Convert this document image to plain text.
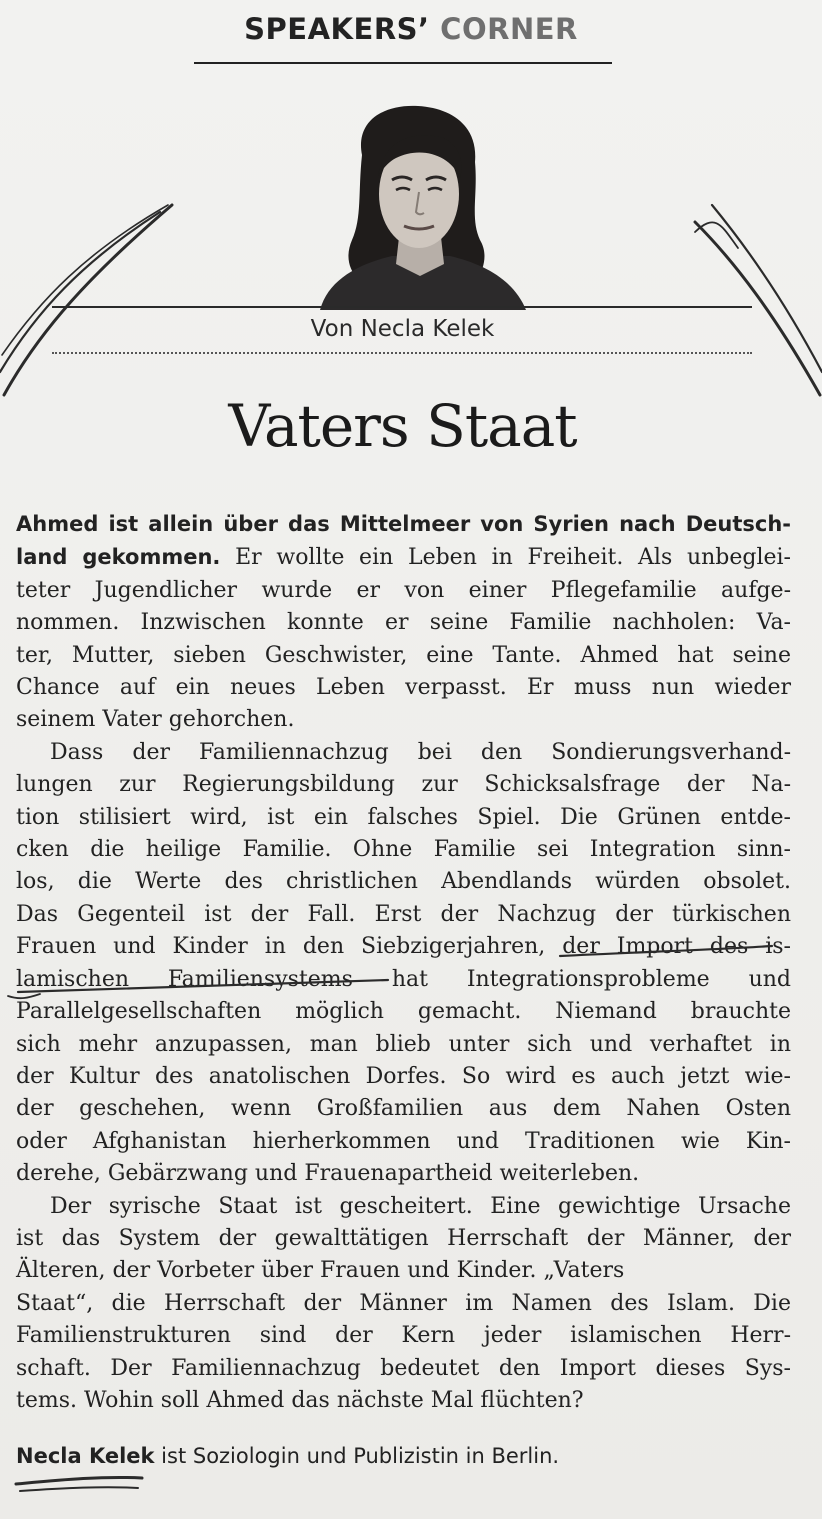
SPEAKERS’ CORNER
Von Necla Kelek
Vaters Staat

Ahmed ist allein über das Mittelmeer von Syrien nach Deutsch-
land gekommen. Er wollte ein Leben in Freiheit. Als unbeglei-
teter Jugendlicher wurde er von einer Pflegefamilie aufge-
nommen. Inzwischen konnte er seine Familie nachholen: Va-
ter, Mutter, sieben Geschwister, eine Tante. Ahmed hat seine
Chance auf ein neues Leben verpasst. Er muss nun wieder
seinem Vater gehorchen.

Dass der Familiennachzug bei den Sondierungsverhand-
lungen zur Regierungsbildung zur Schicksalsfrage der Na-
tion stilisiert wird, ist ein falsches Spiel. Die Grünen entde-
cken die heilige Familie. Ohne Familie sei Integration sinn-
los, die Werte des christlichen Abendlands würden obsolet.
Das Gegenteil ist der Fall. Erst der Nachzug der türkischen
Frauen und Kinder in den Siebzigerjahren, der Import des is-
lamischen Familiensystems hat Integrationsprobleme und
Parallelgesellschaften möglich gemacht. Niemand brauchte
sich mehr anzupassen, man blieb unter sich und verhaftet in
der Kultur des anatolischen Dorfes. So wird es auch jetzt wie-
der geschehen, wenn Großfamilien aus dem Nahen Osten
oder Afghanistan hierherkommen und Traditionen wie Kin-
derehe, Gebärzwang und Frauenapartheid weiterleben.

Der syrische Staat ist gescheitert. Eine gewichtige Ursache
ist das System der gewalttätigen Herrschaft der Männer, der
Älteren, der Vorbeter über Frauen und Kinder. „Vaters
Staat“, die Herrschaft der Männer im Namen des Islam. Die
Familienstrukturen sind der Kern jeder islamischen Herr-
schaft. Der Familiennachzug bedeutet den Import dieses Sys-
tems. Wohin soll Ahmed das nächste Mal flüchten?

Necla Kelek ist Soziologin und Publizistin in Berlin.
